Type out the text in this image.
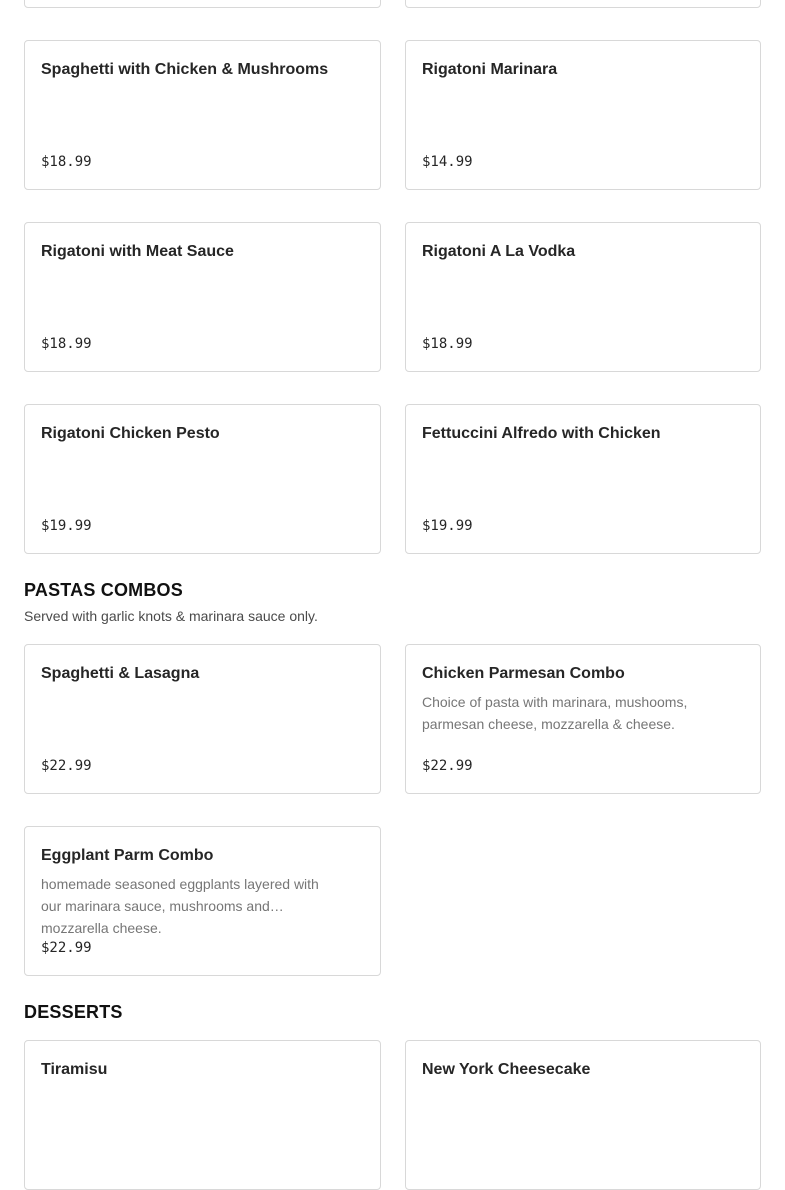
Spaghetti with Chicken & Mushrooms
$18.99
Rigatoni Marinara
$14.99
Rigatoni with Meat Sauce
$18.99
Rigatoni A La Vodka
$18.99
Rigatoni Chicken Pesto
$19.99
Fettuccini Alfredo with Chicken
$19.99
PASTAS COMBOS

Served with garlic knots & marinara sauce only.

Spaghetti & Lasagna
$22.99
Chicken Parmesan Combo
Choice of pasta with marinara, mushooms, parmesan cheese, mozzarella & cheese.
$22.99
Eggplant Parm Combo
homemade seasoned eggplants layered with our marinara sauce, mushrooms and mozzarella cheese.
$22.99
DESSERTS
Tiramisu	New York Cheesecake
